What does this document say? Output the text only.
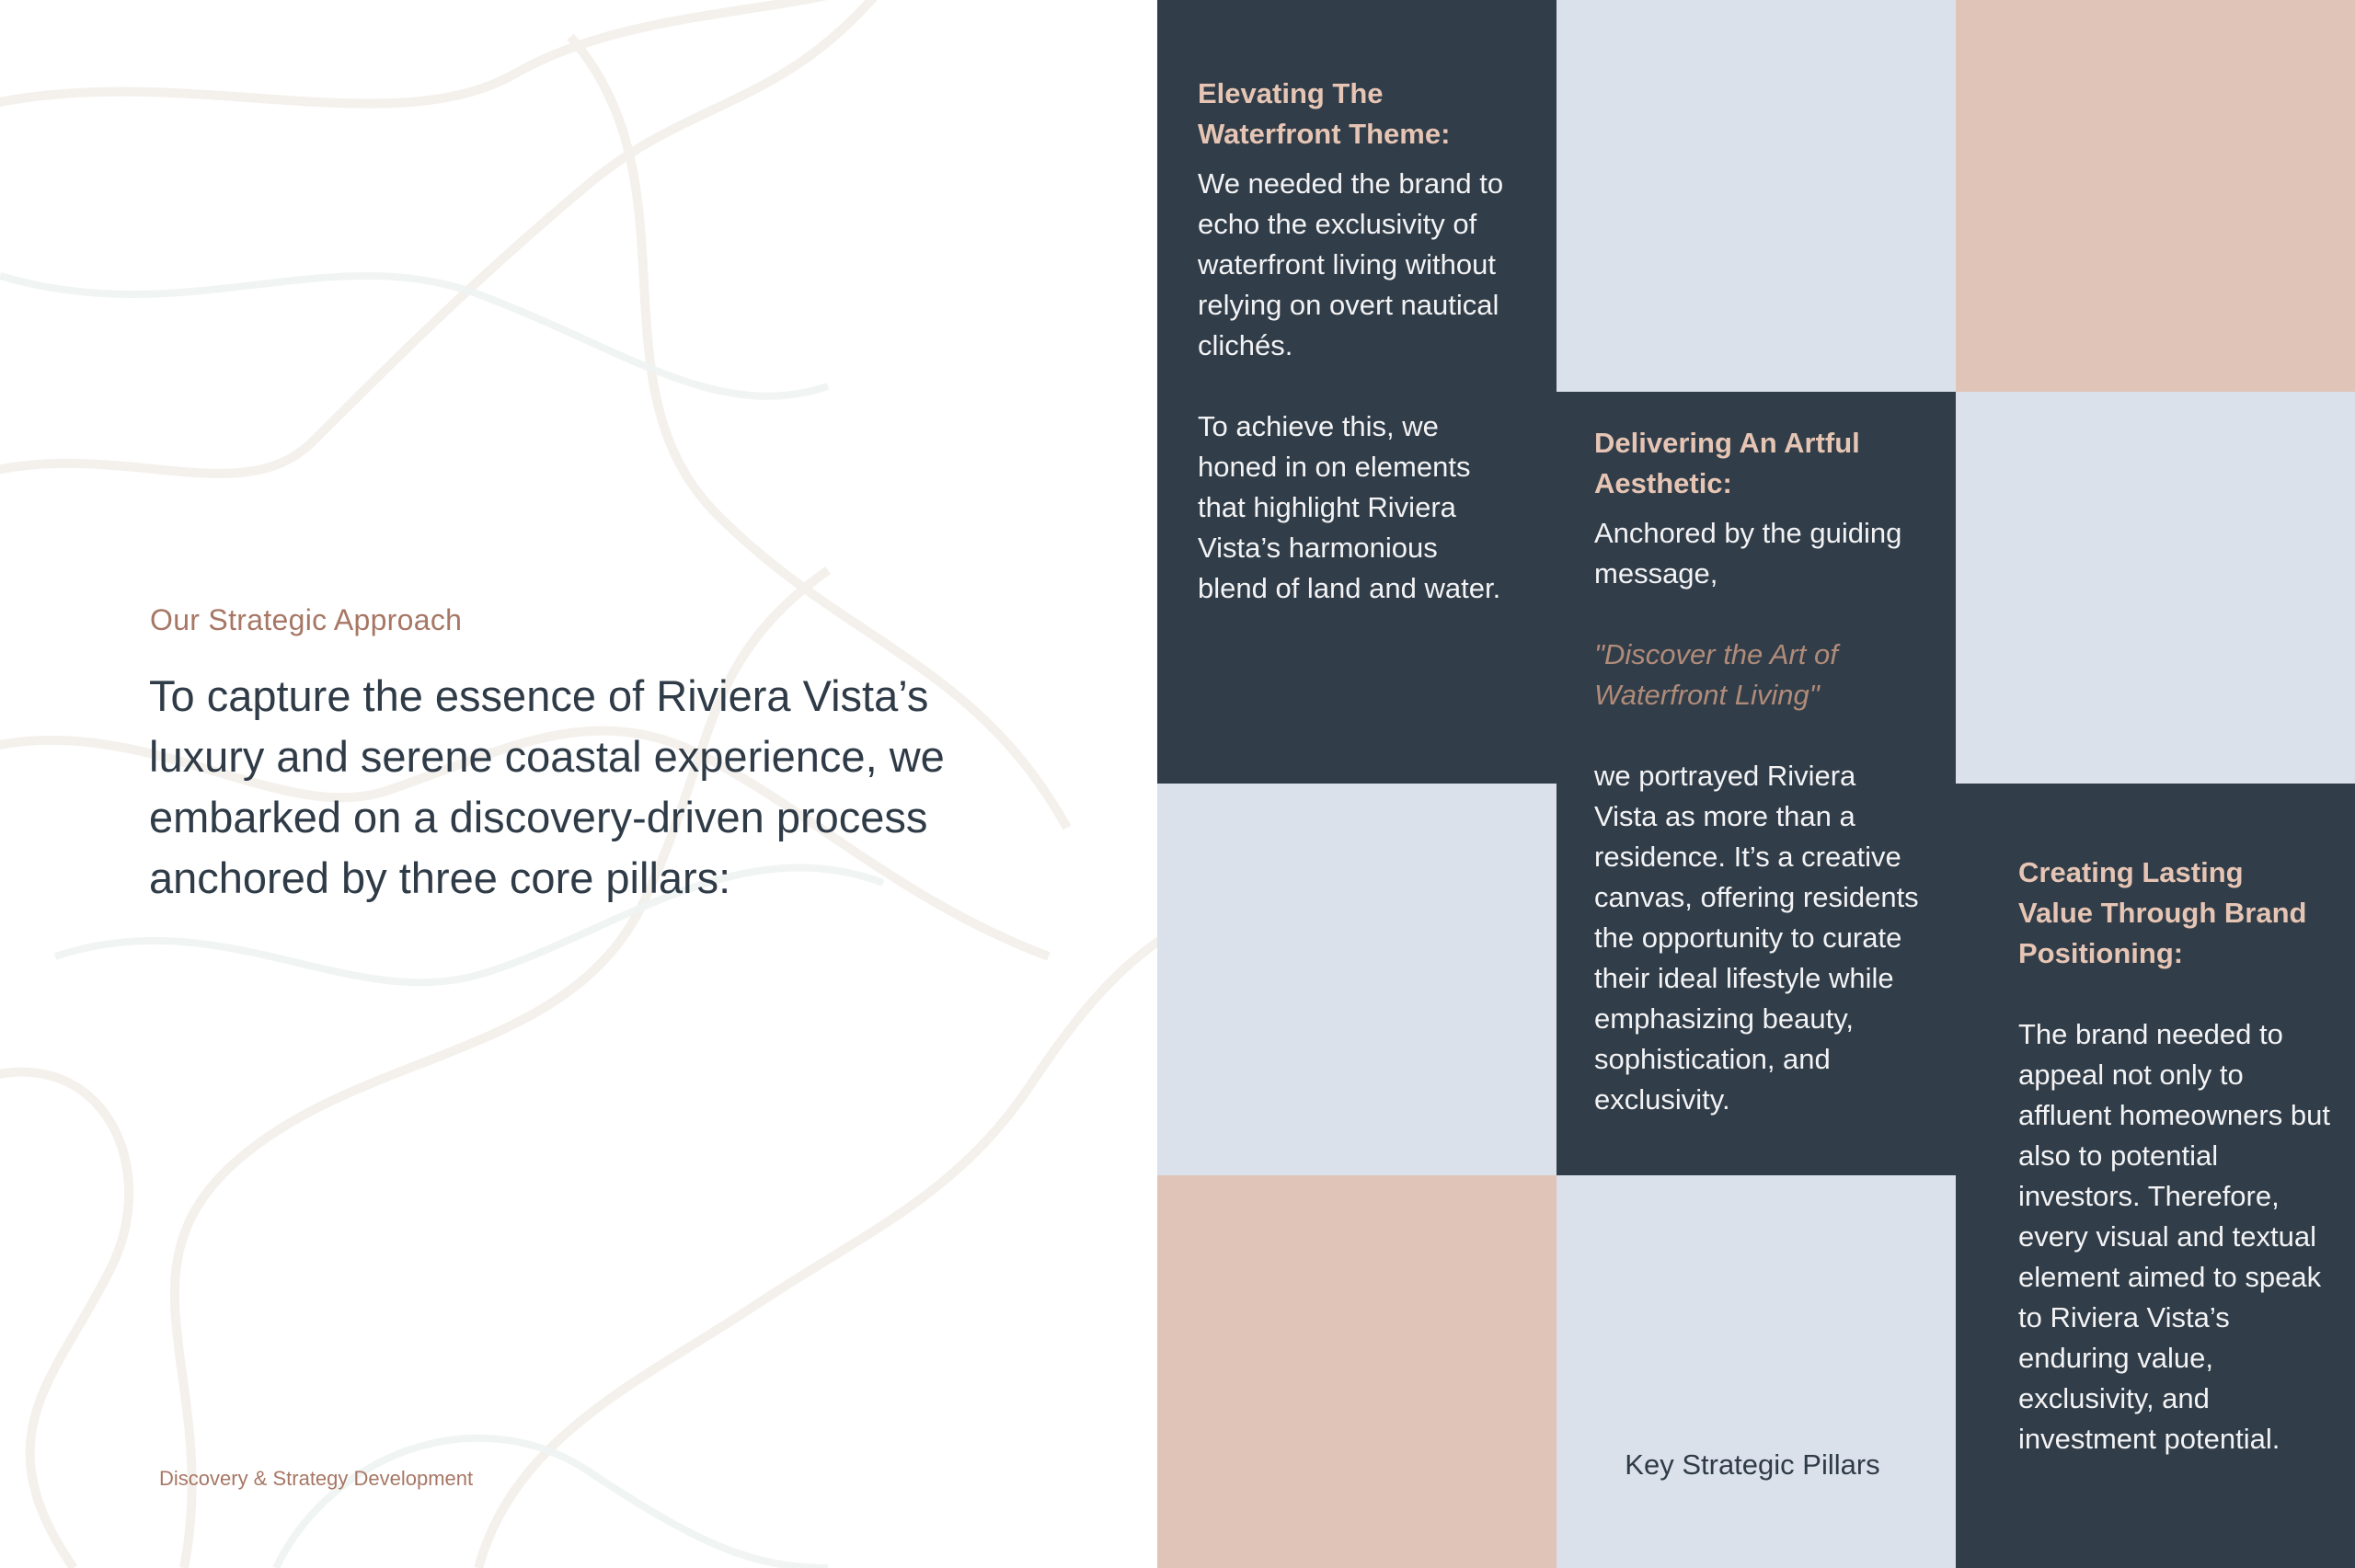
Our Strategic Approach
To capture the essence of Riviera Vista’s luxury and serene coastal experience, we embarked on a discovery-driven process anchored by three core pillars:
Discovery & Strategy Development
Elevating The
Waterfront Theme:

We needed the brand to echo the exclusivity of waterfront living without relying on overt nautical clichés.

To achieve this, we honed in on elements that highlight Riviera Vista’s harmonious blend of land and water.

Delivering An Artful
Aesthetic:

Anchored by the guiding message,

"Discover the Art of Waterfront Living"

we portrayed Riviera Vista as more than a residence. It’s a creative canvas, offering residents the opportunity to curate their ideal lifestyle while emphasizing beauty, sophistication, and exclusivity.

Creating Lasting
Value Through Brand
Positioning:

The brand needed to appeal not only to affluent homeowners but also to potential investors. Therefore, every visual and textual element aimed to speak to Riviera Vista’s enduring value, exclusivity, and investment potential.

Key Strategic Pillars
